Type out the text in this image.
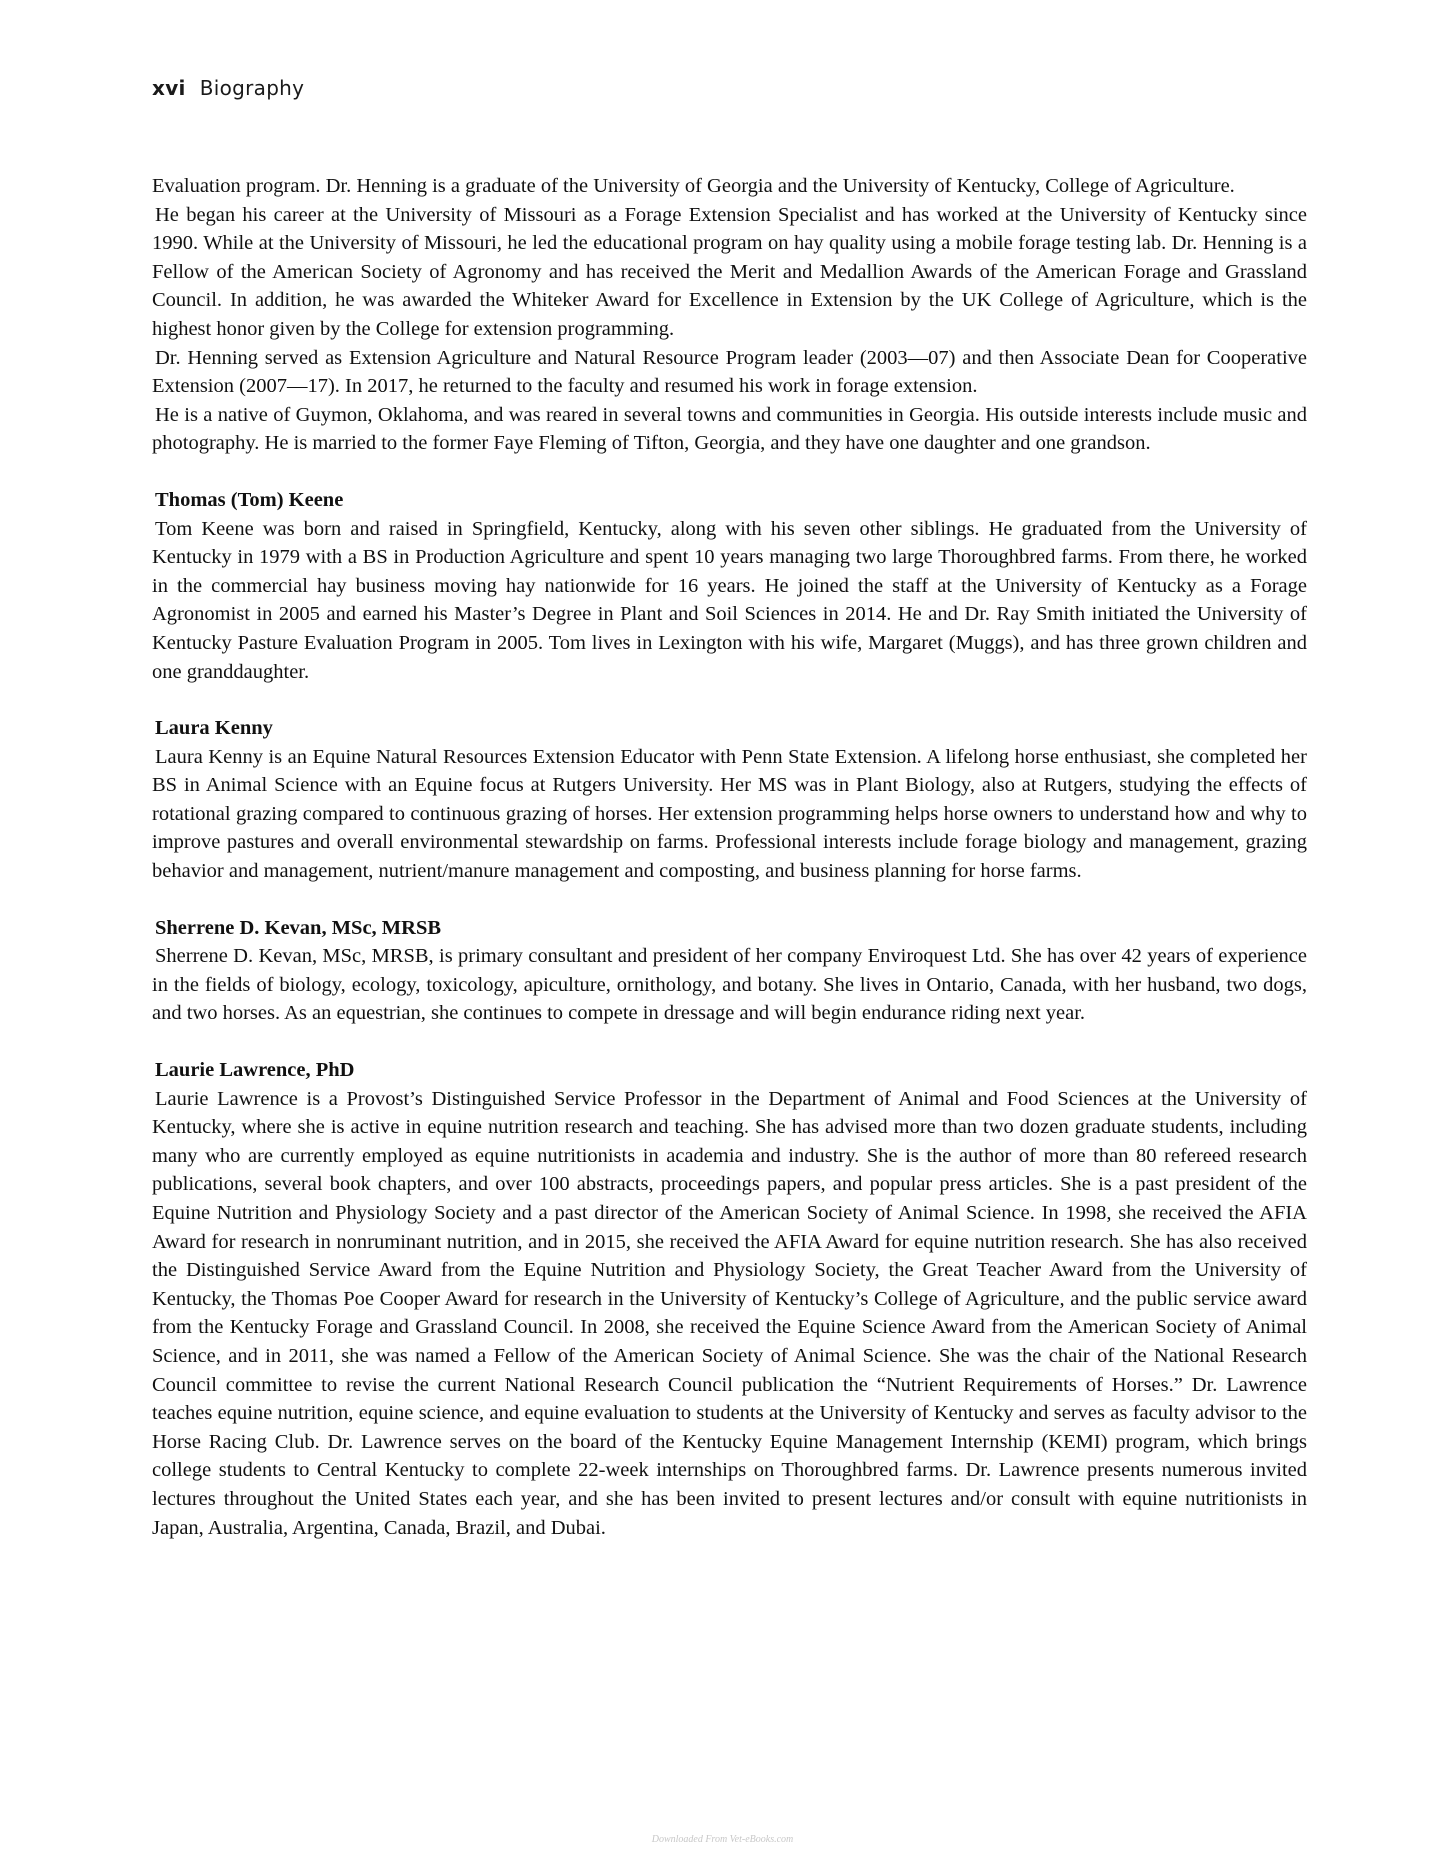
xvi Biography

Evaluation program. Dr. Henning is a graduate of the University of Georgia and the University of Kentucky, College of Agriculture.

He began his career at the University of Missouri as a Forage Extension Specialist and has worked at the University of Kentucky since 1990. While at the University of Missouri, he led the educational program on hay quality using a mobile forage testing lab. Dr. Henning is a Fellow of the American Society of Agronomy and has received the Merit and Medallion Awards of the American Forage and Grassland Council. In addition, he was awarded the Whiteker Award for Excellence in Extension by the UK College of Agriculture, which is the highest honor given by the College for extension programming.

Dr. Henning served as Extension Agriculture and Natural Resource Program leader (2003—07) and then Associate Dean for Cooperative Extension (2007—17). In 2017, he returned to the faculty and resumed his work in forage extension.

He is a native of Guymon, Oklahoma, and was reared in several towns and communities in Georgia. His outside interests include music and photography. He is married to the former Faye Fleming of Tifton, Georgia, and they have one daughter and one grandson.

Thomas (Tom) Keene

Tom Keene was born and raised in Springfield, Kentucky, along with his seven other siblings. He graduated from the University of Kentucky in 1979 with a BS in Production Agriculture and spent 10 years managing two large Thoroughbred farms. From there, he worked in the commercial hay business moving hay nationwide for 16 years. He joined the staff at the University of Kentucky as a Forage Agronomist in 2005 and earned his Master’s Degree in Plant and Soil Sciences in 2014. He and Dr. Ray Smith initiated the University of Kentucky Pasture Evaluation Program in 2005. Tom lives in Lexington with his wife, Margaret (Muggs), and has three grown children and one granddaughter.

Laura Kenny

Laura Kenny is an Equine Natural Resources Extension Educator with Penn State Extension. A lifelong horse enthusiast, she completed her BS in Animal Science with an Equine focus at Rutgers University. Her MS was in Plant Biology, also at Rutgers, studying the effects of rotational grazing compared to continuous grazing of horses. Her extension programming helps horse owners to understand how and why to improve pastures and overall environmental stewardship on farms. Professional interests include forage biology and management, grazing behavior and management, nutrient/manure management and composting, and business planning for horse farms.

Sherrene D. Kevan, MSc, MRSB

Sherrene D. Kevan, MSc, MRSB, is primary consultant and president of her company Enviroquest Ltd. She has over 42 years of experience in the fields of biology, ecology, toxicology, apiculture, ornithology, and botany. She lives in Ontario, Canada, with her husband, two dogs, and two horses. As an equestrian, she continues to compete in dressage and will begin endurance riding next year.

Laurie Lawrence, PhD

Laurie Lawrence is a Provost’s Distinguished Service Professor in the Department of Animal and Food Sciences at the University of Kentucky, where she is active in equine nutrition research and teaching. She has advised more than two dozen graduate students, including many who are currently employed as equine nutritionists in academia and industry. She is the author of more than 80 refereed research publications, several book chapters, and over 100 abstracts, proceedings papers, and popular press articles. She is a past president of the Equine Nutrition and Physiology Society and a past director of the American Society of Animal Science. In 1998, she received the AFIA Award for research in nonruminant nutrition, and in 2015, she received the AFIA Award for equine nutrition research. She has also received the Distinguished Service Award from the Equine Nutrition and Physiology Society, the Great Teacher Award from the University of Kentucky, the Thomas Poe Cooper Award for research in the University of Kentucky’s College of Agriculture, and the public service award from the Kentucky Forage and Grassland Council. In 2008, she received the Equine Science Award from the American Society of Animal Science, and in 2011, she was named a Fellow of the American Society of Animal Science. She was the chair of the National Research Council committee to revise the current National Research Council publication the “Nutrient Requirements of Horses.” Dr. Lawrence teaches equine nutrition, equine science, and equine evaluation to students at the University of Kentucky and serves as faculty advisor to the Horse Racing Club. Dr. Lawrence serves on the board of the Kentucky Equine Management Internship (KEMI) program, which brings college students to Central Kentucky to complete 22-week internships on Thoroughbred farms. Dr. Lawrence presents numerous invited lectures throughout the United States each year, and she has been invited to present lectures and/or consult with equine nutritionists in Japan, Australia, Argentina, Canada, Brazil, and Dubai.

Downloaded From Vet-eBooks.com
